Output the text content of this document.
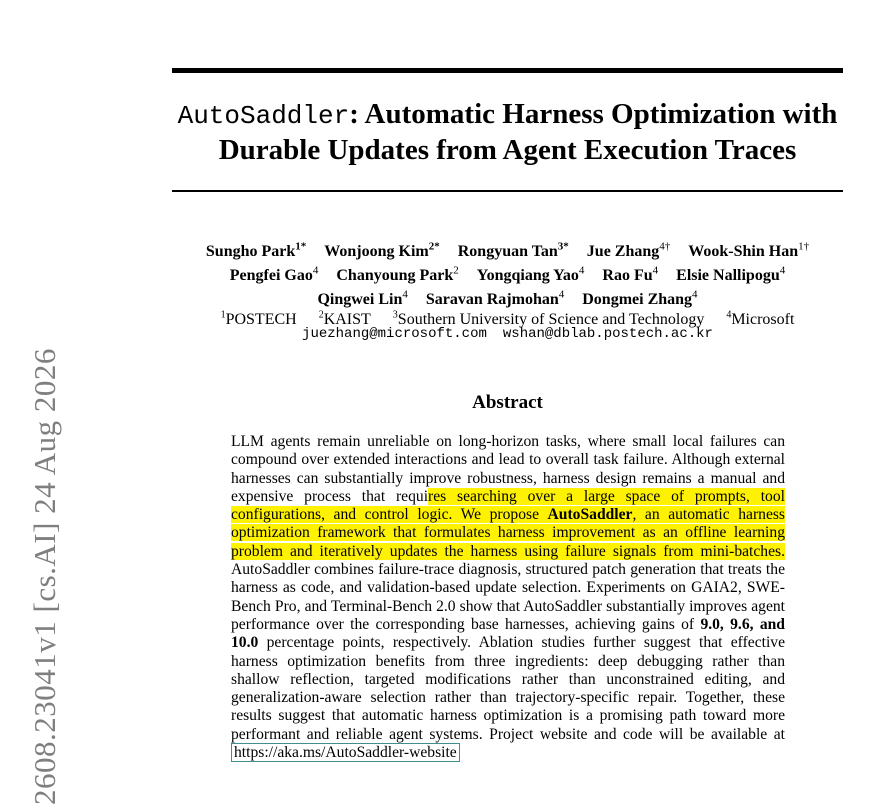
2608.23041v1 [cs.AI] 24 Aug 2026
AutoSaddler: Automatic Harness Optimization with
Durable Updates from Agent Execution Traces
Sungho Park$^{1*}$ Wonjoong Kim$^{2*}$ Rongyuan Tan$^{3*}$ Jue Zhang$^{4\dagger}$ Wook-Shin Han$^{1\dagger}$
Pengfei Gao$^4$ Chanyoung Park$^2$ Yongqiang Yao$^4$ Rao Fu$^4$ Elsie Nallipogu$^4$
Qingwei Lin$^4$ Saravan Rajmohan$^4$ Dongmei Zhang$^4$
$^1$POSTECH $^2$KAIST $^3$Southern University of Science and Technology $^4$Microsoft
juezhang@microsoft.com wshan@dblab.postech.ac.kr
Abstract
LLM agents remain unreliable on long-horizon tasks, where small local failures can compound over extended interactions and lead to overall task failure. Although external harnesses can substantially improve robustness, harness design remains a manual and expensive process that requires searching over a large space of prompts, tool configurations, and control logic. We propose AutoSaddler, an automatic harness optimization framework that formulates harness improvement as an offline learning problem and iteratively updates the harness using failure signals from mini-batches. AutoSaddler combines failure-trace diagnosis, structured patch generation that treats the harness as code, and validation-based update selection. Experiments on GAIA2, SWE-Bench Pro, and Terminal-Bench 2.0 show that AutoSaddler substantially improves agent performance over the corresponding base harnesses, achieving gains of 9.0, 9.6, and 10.0 percentage points, respectively. Ablation studies further suggest that effective harness optimization benefits from three ingredients: deep debugging rather than shallow reflection, targeted modifications rather than unconstrained editing, and generalization-aware selection rather than trajectory-specific repair. Together, these results suggest that automatic harness optimization is a promising path toward more performant and reliable agent systems. Project website and code will be available at https://aka.ms/AutoSaddler-website
